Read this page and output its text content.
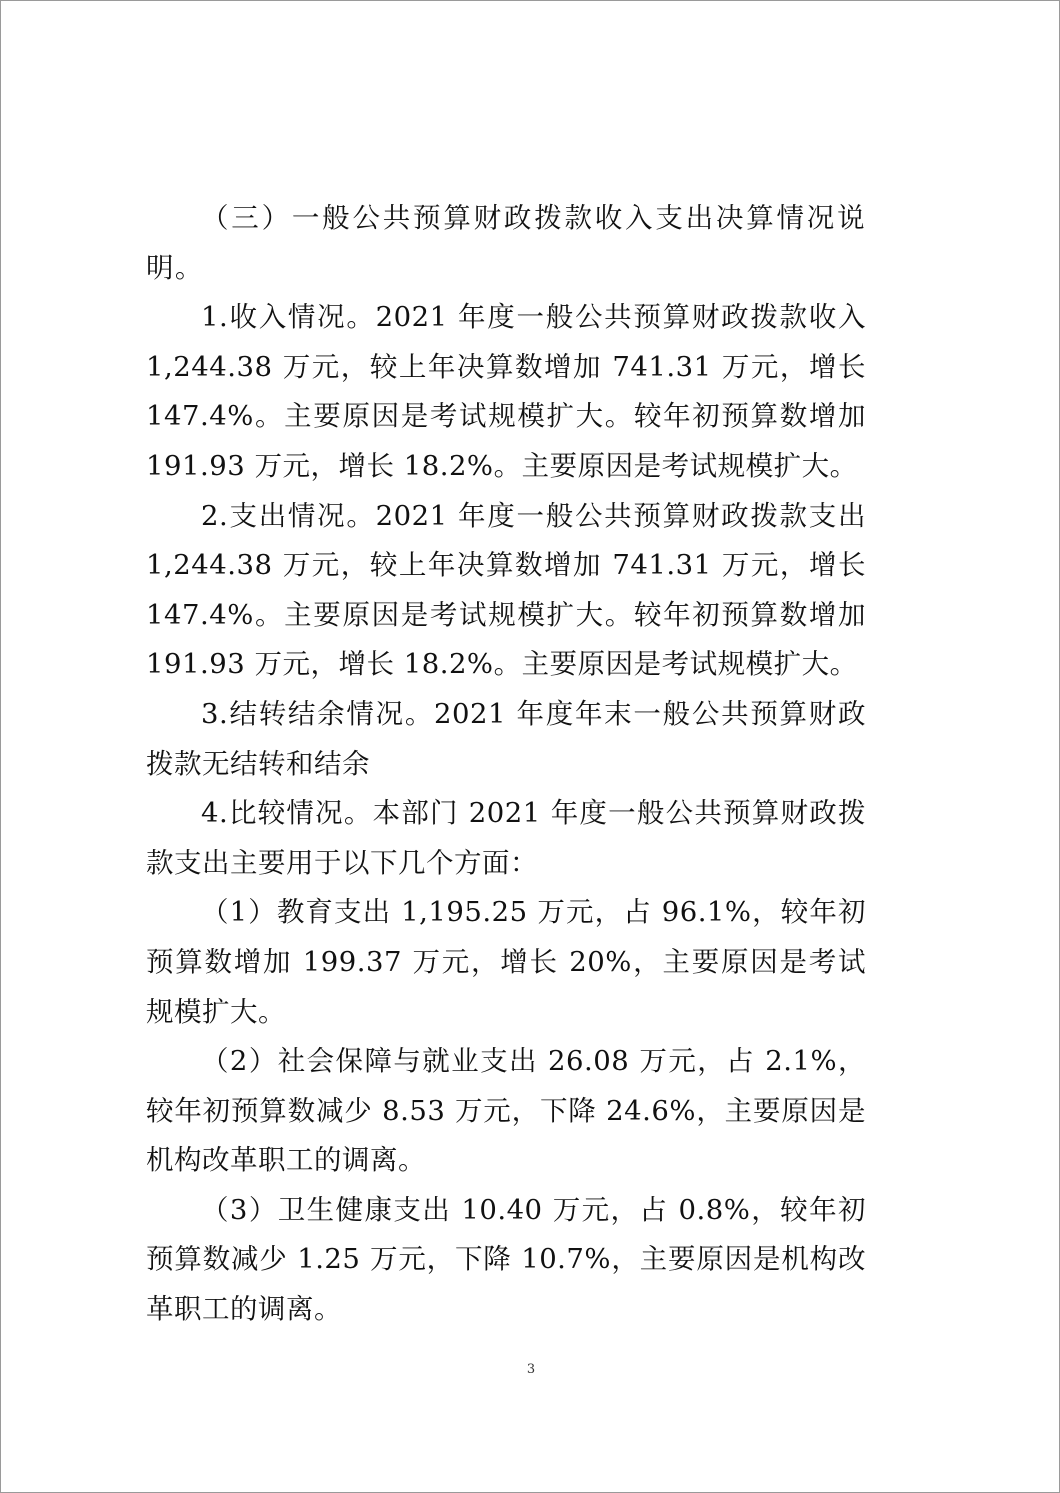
（三）一般公共预算财政拨款收入支出决算情况说明。

1.收入情况。2021 年度一般公共预算财政拨款收入 1,244.38 万元，较上年决算数增加 741.31 万元，增长 147.4%。主要原因是考试规模扩大。较年初预算数增加 191.93 万元，增长 18.2%。主要原因是考试规模扩大。

2.支出情况。2021 年度一般公共预算财政拨款支出 1,244.38 万元，较上年决算数增加 741.31 万元，增长 147.4%。主要原因是考试规模扩大。较年初预算数增加 191.93 万元，增长 18.2%。主要原因是考试规模扩大。

3.结转结余情况。2021 年度年末一般公共预算财政拨款无结转和结余

4.比较情况。本部门 2021 年度一般公共预算财政拨款支出主要用于以下几个方面：

（1）教育支出 1,195.25 万元，占 96.1%，较年初预算数增加 199.37 万元，增长 20%，主要原因是考试规模扩大。

（2）社会保障与就业支出 26.08 万元，占 2.1%，较年初预算数减少 8.53 万元，下降 24.6%，主要原因是机构改革职工的调离。

（3）卫生健康支出 10.40 万元，占 0.8%，较年初预算数减少 1.25 万元，下降 10.7%，主要原因是机构改革职工的调离。

3
